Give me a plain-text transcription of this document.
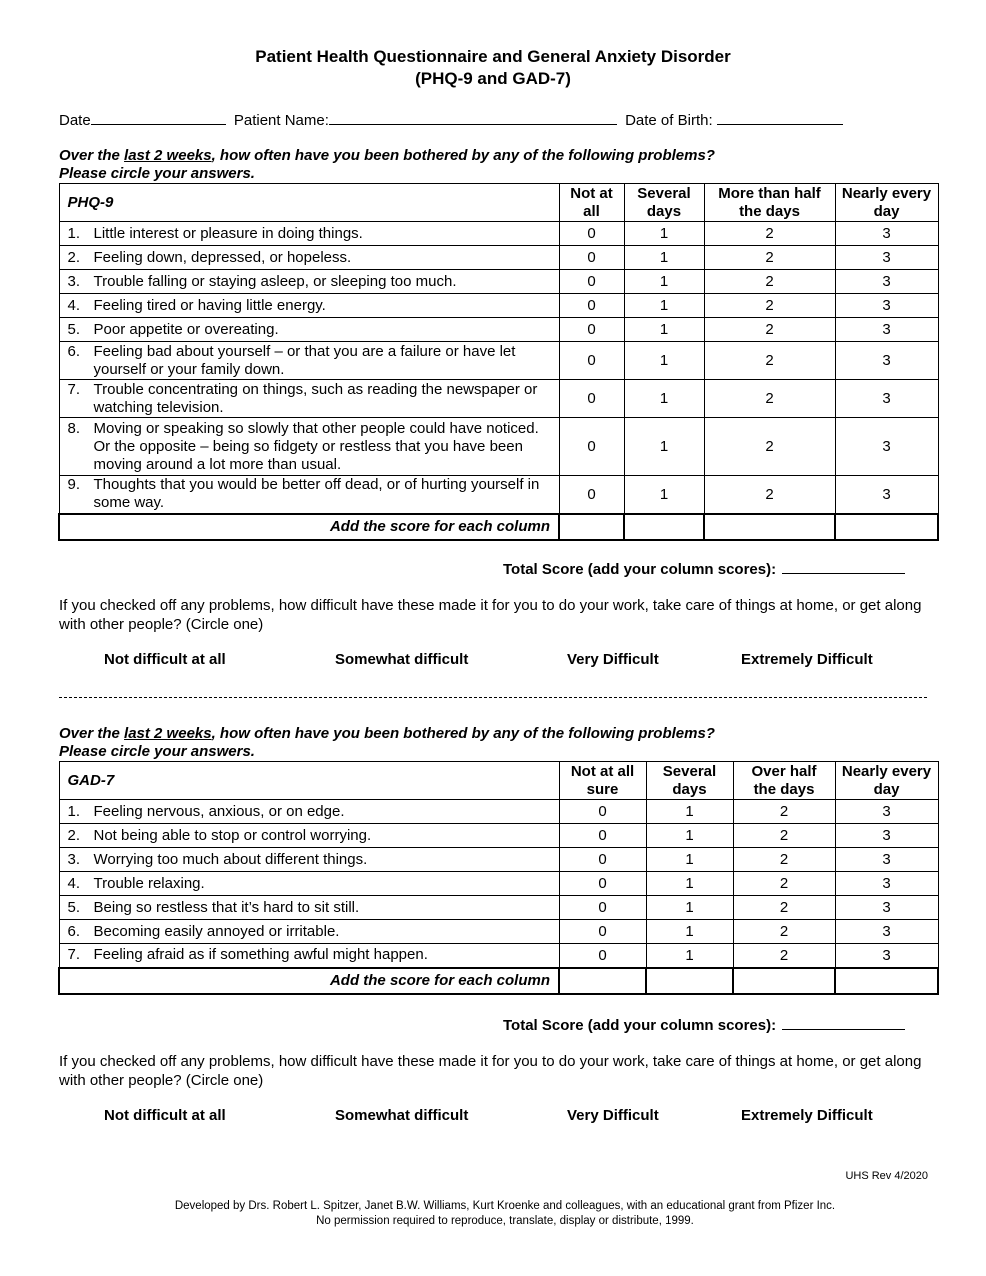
Patient Health Questionnaire and General Anxiety Disorder
(PHQ-9 and GAD-7)
Date	Patient Name:	Date of Birth:
Over the last 2 weeks, how often have you been bothered by any of the following problems?
Please circle your answers.
PHQ-9	Not at all	Several days	More than half the days	Nearly every day

1. Little interest or pleasure in doing things.	0	1	2	3

2. Feeling down, depressed, or hopeless.	0	1	2	3

3. Trouble falling or staying asleep, or sleeping too much.	0	1	2	3

4. Feeling tired or having little energy.	0	1	2	3

5. Poor appetite or overeating.	0	1	2	3

6. Feeling bad about yourself – or that you are a failure or have let yourself or your family down.	0	1	2	3

7. Trouble concentrating on things, such as reading the newspaper or watching television.	0	1	2	3

8. Moving or speaking so slowly that other people could have noticed. Or the opposite – being so fidgety or restless that you have been moving around a lot more than usual.	0	1	2	3

9. Thoughts that you would be better off dead, or of hurting yourself in some way.	0	1	2	3
Add the score for each column				
Total Score (add your column scores):
If you checked off any problems, how difficult have these made it for you to do your work, take care of things at home, or get along with other people? (Circle one)
Not difficult at all	Somewhat difficult	Very Difficult	Extremely Difficult
Over the last 2 weeks, how often have you been bothered by any of the following problems?
Please circle your answers.
GAD-7	Not at all sure	Several days	Over half the days	Nearly every day

1. Feeling nervous, anxious, or on edge.	0	1	2	3

2. Not being able to stop or control worrying.	0	1	2	3

3. Worrying too much about different things.	0	1	2	3

4. Trouble relaxing.	0	1	2	3

5. Being so restless that it’s hard to sit still.	0	1	2	3

6. Becoming easily annoyed or irritable.	0	1	2	3

7. Feeling afraid as if something awful might happen.	0	1	2	3
Add the score for each column				
Total Score (add your column scores):
If you checked off any problems, how difficult have these made it for you to do your work, take care of things at home, or get along with other people? (Circle one)
Not difficult at all	Somewhat difficult	Very Difficult	Extremely Difficult
UHS Rev 4/2020
Developed by Drs. Robert L. Spitzer, Janet B.W. Williams, Kurt Kroenke and colleagues, with an educational grant from Pfizer Inc.
No permission required to reproduce, translate, display or distribute, 1999.
